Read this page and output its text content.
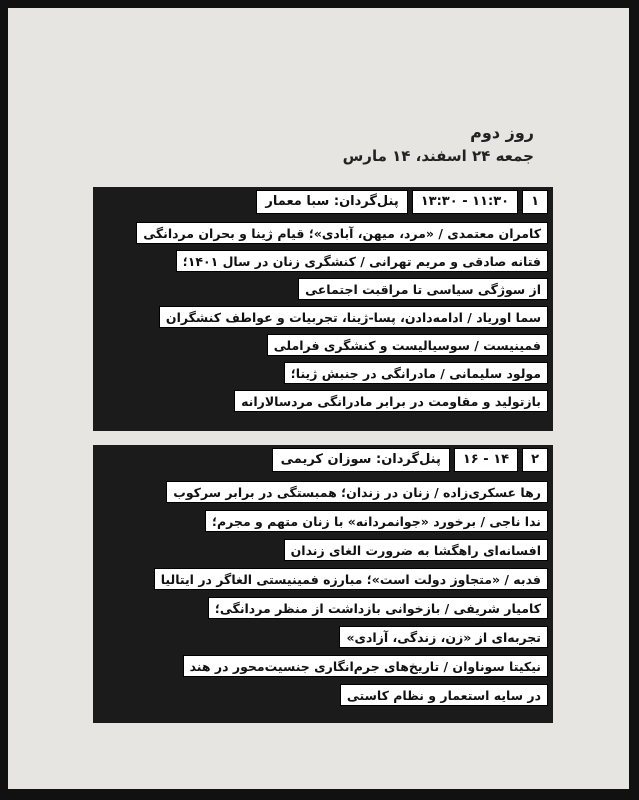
روز دوم
جمعه ۲۴ اسفند، ۱۴ مارس
۱
۱۱:۳۰ - ۱۳:۳۰
پنل‌گردان: سبا معمار
کامران معتمدی / «مرد، میهن، آبادی»؛ قیام ژینا و بحران مردانگی
فتانه صادقی و مریم تهرانی / کنشگری زنان در سال ۱۴۰۱؛
از سوژگی سیاسی تا مراقبت اجتماعی
سما اوریاد / ادامه‌دادن، پسا-ژینا، تجربیات و عواطف کنشگران
فمینیست / سوسیالیست و کنشگری فراملی
مولود سلیمانی / مادرانگی در جنبش ژینا؛
بازتولید و مقاومت در برابر مادرانگی مردسالارانه
۲
۱۴ - ۱۶
پنل‌گردان: سوزان کریمی
رها عسکری‌زاده / زنان در زندان؛ همبستگی در برابر سرکوب
ندا ناجی / برخورد «جوانمردانه» با زنان متهم و مجرم؛
افسانه‌ای راهگشا به ضرورت الغای زندان
فدبه / «متجاوز دولت است»؛ مبارزه فمینیستی الغاگر در ایتالیا
کامیار شریفی / بازخوانی بازداشت از منظر مردانگی؛
تجربه‌ای از «زن، زندگی، آزادی»
نیکیتا سوناوان / تاریخ‌های جرم‌انگاری جنسیت‌محور در هند
در سایه استعمار و نظام کاستی
